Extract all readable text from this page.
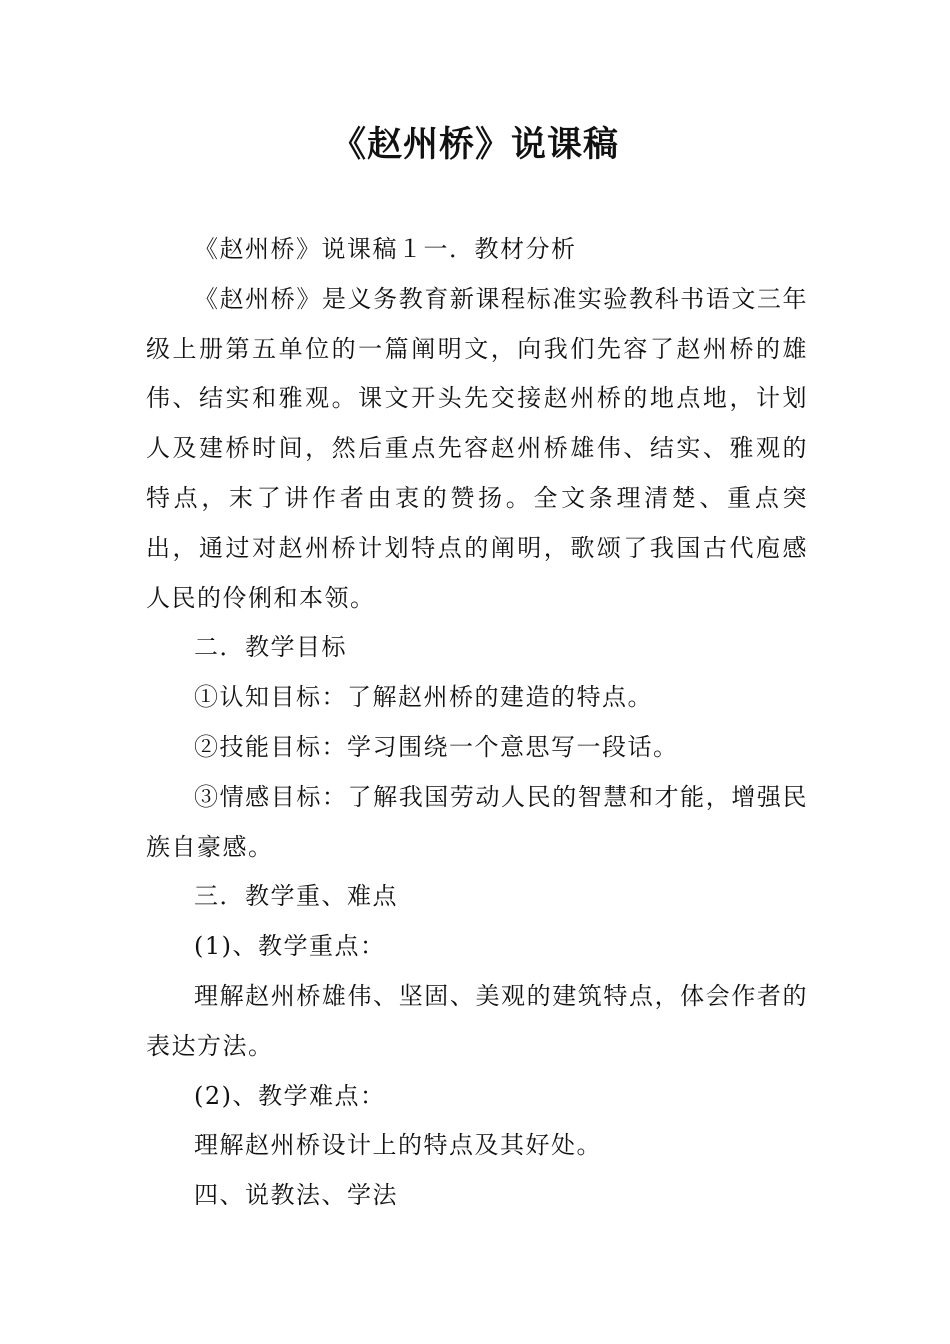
《赵州桥》说课稿

《赵州桥》说课稿１一．教材分析

《赵州桥》是义务教育新课程标准实验教科书语文三年级上册第五单位的一篇阐明文，向我们先容了赵州桥的雄伟、结实和雅观。课文开头先交接赵州桥的地点地，计划人及建桥时间，然后重点先容赵州桥雄伟、结实、雅观的特点，末了讲作者由衷的赞扬。全文条理清楚、重点突出，通过对赵州桥计划特点的阐明，歌颂了我国古代庖感人民的伶俐和本领。

二．教学目标

①认知目标：了解赵州桥的建造的特点。

②技能目标：学习围绕一个意思写一段话。

③情感目标：了解我国劳动人民的智慧和才能，增强民族自豪感。

三．教学重、难点

(1)、教学重点：

理解赵州桥雄伟、坚固、美观的建筑特点，体会作者的表达方法。

(2)、教学难点：

理解赵州桥设计上的特点及其好处。

四、说教法、学法
